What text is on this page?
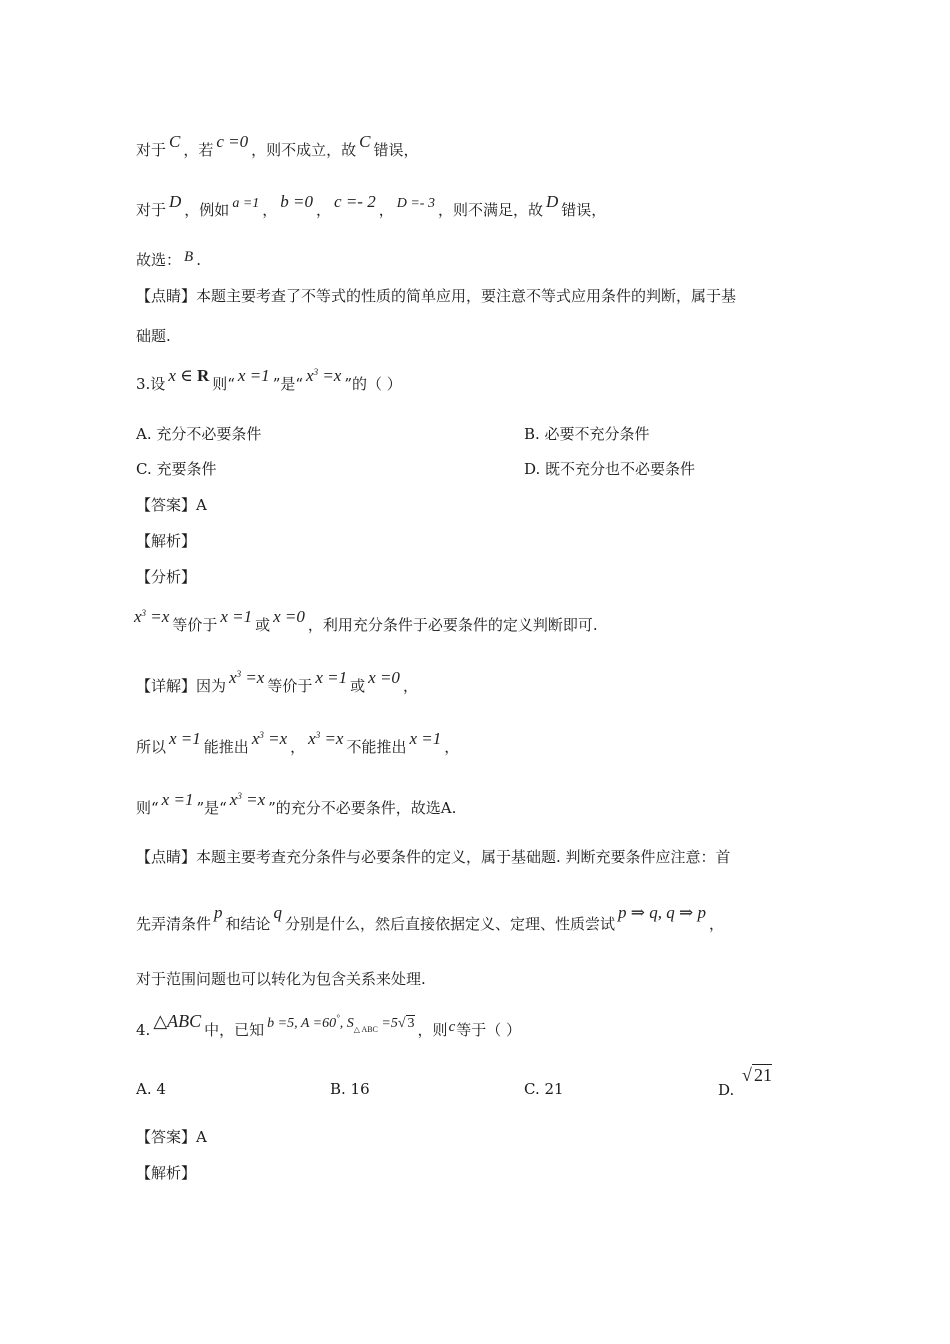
对于 C ，若 c =0 ，则不成立，故 C 错误，
对于 D ，例如 a =1 ， b =0 ， c =- 2 ， D =- 3 ，则不满足，故 D 错误，
故选： B .
【点睛】本题主要考查了不等式的性质的简单应用，要注意不等式应用条件的判断，属于基
础题.
3.设 x ∈ R 则“ x =1 ”是“ $x^3 =x$ ”的（ ）
A. 充分不必要条件	B. 必要不充分条件
C. 充要条件	D. 既不充分也不必要条件
【答案】A
【解析】
【分析】
$x^3 =x$ 等价于 x =1 或 x =0 ，利用充分条件于必要条件的定义判断即可.
【详解】因为 $x^3 =x$ 等价于 x =1 或 x =0 ，
所以 x =1 能推出 $x^3 =x$ ， $x^3 =x$ 不能推出 x =1 ，
则“ x =1 ”是“ $x^3 =x$ ”的充分不必要条件，故选A.
【点睛】本题主要考查充分条件与必要条件的定义，属于基础题. 判断充要条件应注意：首
先弄清条件p和结论q分别是什么，然后直接依据定义、定理、性质尝试p ⇒ q, q ⇒ p，
对于范围问题也可以转化为包含关系来处理.
4. △ABC 中，已知 b =5, A =60°, $S_{\triangle ABC} =5√$ 3 ，则c等于（ ）
A. 4	B. 16	C. 21	D. √ 21
【答案】A
【解析】
